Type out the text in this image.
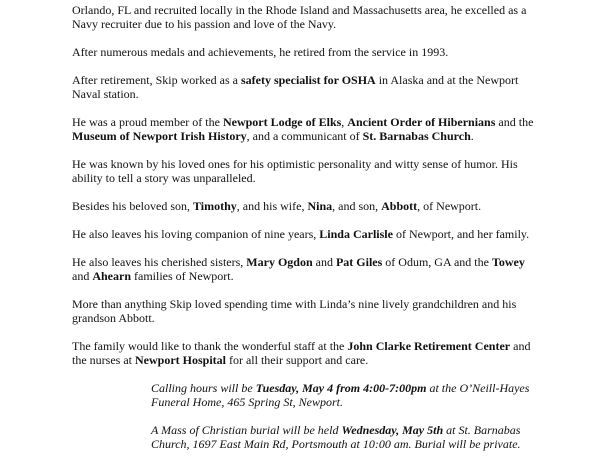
Orlando, FL and recruited locally in the Rhode Island and Massachusetts area, he excelled as a Navy recruiter due to his passion and love of the Navy.

After numerous medals and achievements, he retired from the service in 1993.

After retirement, Skip worked as a safety specialist for OSHA in Alaska and at the Newport Naval station.

He was a proud member of the Newport Lodge of Elks, Ancient Order of Hibernians and the Museum of Newport Irish History, and a communicant of St. Barnabas Church.

He was known by his loved ones for his optimistic personality and witty sense of humor. His ability to tell a story was unparalleled.

Besides his beloved son, Timothy, and his wife, Nina, and son, Abbott, of Newport.

He also leaves his loving companion of nine years, Linda Carlisle of Newport, and her family.

He also leaves his cherished sisters, Mary Ogdon and Pat Giles of Odum, GA and the Towey and Ahearn families of Newport.

More than anything Skip loved spending time with Linda’s nine lively grandchildren and his grandson Abbott.

The family would like to thank the wonderful staff at the John Clarke Retirement Center and the nurses at Newport Hospital for all their support and care.

Calling hours will be Tuesday, May 4 from 4:00-7:00pm at the O’Neill-Hayes Funeral Home, 465 Spring St, Newport.

A Mass of Christian burial will be held Wednesday, May 5th at St. Barnabas Church, 1697 East Main Rd, Portsmouth at 10:00 am. Burial will be private.
